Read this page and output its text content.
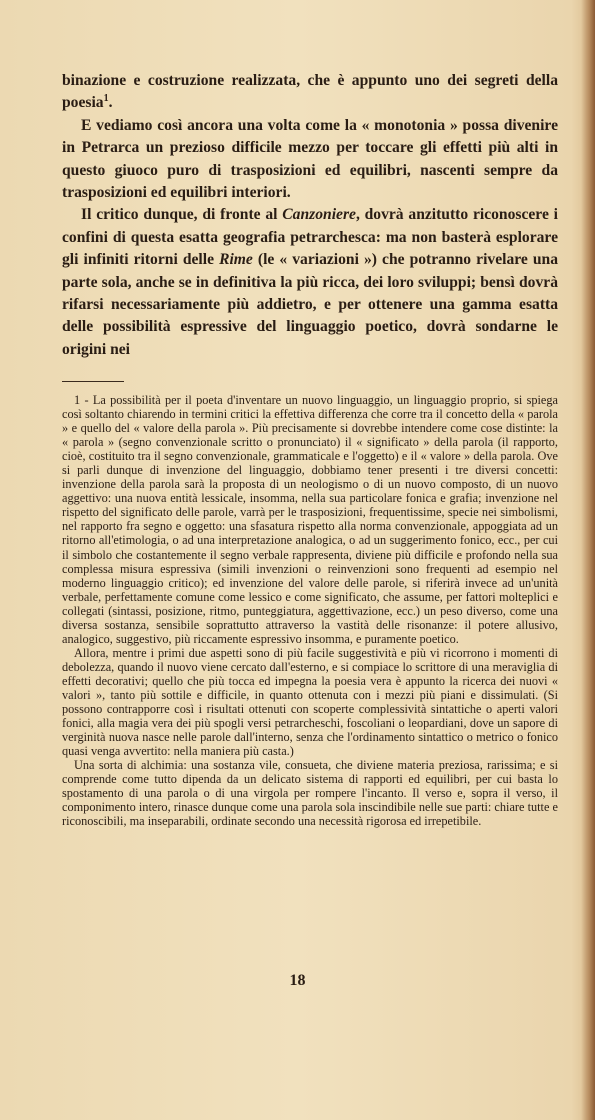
binazione e costruzione realizzata, che è appunto uno dei segreti della poesia$^1$.

E vediamo così ancora una volta come la « monotonia » possa divenire in Petrarca un prezioso difficile mezzo per toccare gli effetti più alti in questo giuoco puro di trasposizioni ed equilibri, nascenti sempre da trasposizioni ed equilibri interiori.

Il critico dunque, di fronte al Canzoniere, dovrà anzitutto riconoscere i confini di questa esatta geografia petrarchesca: ma non basterà esplorare gli infiniti ritorni delle Rime (le « variazioni ») che potranno rivelare una parte sola, anche se in definitiva la più ricca, dei loro sviluppi; bensì dovrà rifarsi necessariamente più addietro, e per ottenere una gamma esatta delle possibilità espressive del linguaggio poetico, dovrà sondarne le origini nei

1 - La possibilità per il poeta d'inventare un nuovo linguaggio, un linguaggio proprio, si spiega così soltanto chiarendo in termini critici la effettiva differenza che corre tra il concetto della « parola » e quello del « valore della parola ». Più precisamente si dovrebbe intendere come cose distinte: la « parola » (segno convenzionale scritto o pronunciato) il « significato » della parola (il rapporto, cioè, costituito tra il segno convenzionale, grammaticale e l'oggetto) e il « valore » della parola. Ove si parli dunque di invenzione del linguaggio, dobbiamo tener presenti i tre diversi concetti: invenzione della parola sarà la proposta di un neologismo o di un nuovo composto, di un nuovo aggettivo: una nuova entità lessicale, insomma, nella sua particolare fonica e grafia; invenzione nel rispetto del significato delle parole, varrà per le trasposizioni, frequentissime, specie nei simbolismi, nel rapporto fra segno e oggetto: una sfasatura rispetto alla norma convenzionale, appoggiata ad un ritorno all'etimologia, o ad una interpretazione analogica, o ad un suggerimento fonico, ecc., per cui il simbolo che costantemente il segno verbale rappresenta, diviene più difficile e profondo nella sua complessa misura espressiva (simili invenzioni o reinvenzioni sono frequenti ad esempio nel moderno linguaggio critico); ed invenzione del valore delle parole, si riferirà invece ad un'unità verbale, perfettamente comune come lessico e come significato, che assume, per fattori molteplici e collegati (sintassi, posizione, ritmo, punteggiatura, aggettivazione, ecc.) un peso diverso, come una diversa sostanza, sensibile soprattutto attraverso la vastità delle risonanze: il potere allusivo, analogico, suggestivo, più riccamente espressivo insomma, e puramente poetico.

Allora, mentre i primi due aspetti sono di più facile suggestività e più vi ricorrono i momenti di debolezza, quando il nuovo viene cercato dall'esterno, e si compiace lo scrittore di una meraviglia di effetti decorativi; quello che più tocca ed impegna la poesia vera è appunto la ricerca dei nuovi « valori », tanto più sottile e difficile, in quanto ottenuta con i mezzi più piani e dissimulati. (Si possono contrapporre così i risultati ottenuti con scoperte complessività sintattiche o aperti valori fonici, alla magia vera dei più spogli versi petrarcheschi, foscoliani o leopardiani, dove un sapore di verginità nuova nasce nelle parole dall'interno, senza che l'ordinamento sintattico o metrico o fonico quasi venga avvertito: nella maniera più casta.)

Una sorta di alchimia: una sostanza vile, consueta, che diviene materia preziosa, rarissima; e si comprende come tutto dipenda da un delicato sistema di rapporti ed equilibri, per cui basta lo spostamento di una parola o di una virgola per rompere l'incanto. Il verso e, sopra il verso, il componimento intero, rinasce dunque come una parola sola inscindibile nelle sue parti: chiare tutte e riconoscibili, ma inseparabili, ordinate secondo una necessità rigorosa ed irrepetibile.

18
